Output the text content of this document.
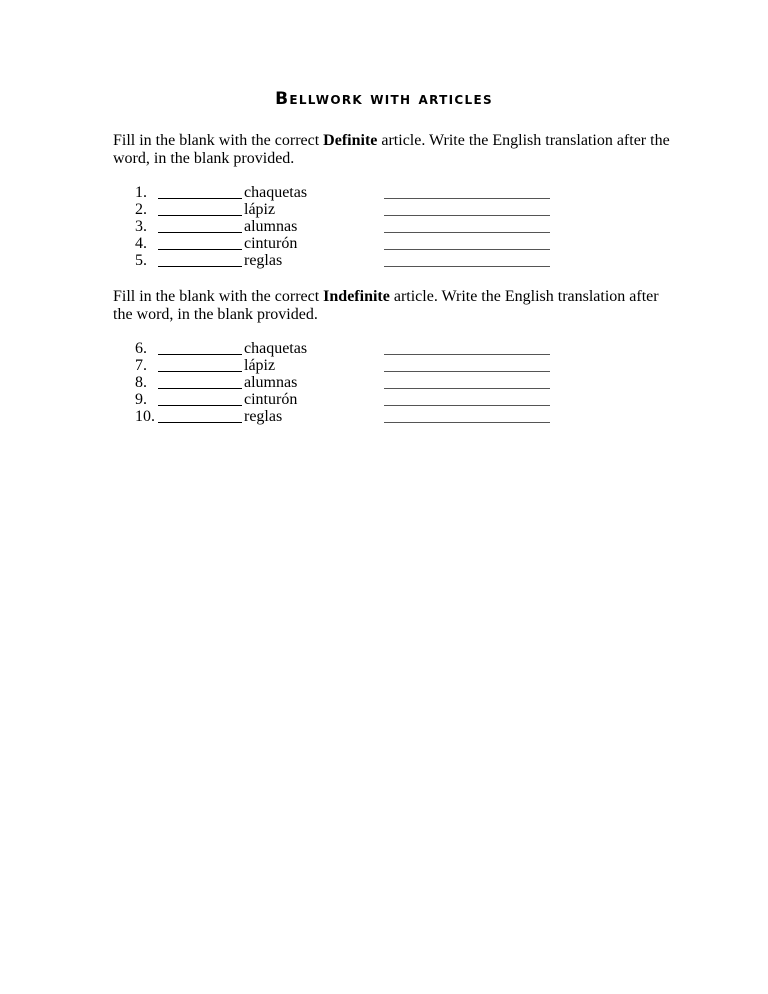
Bellwork with articles
Fill in the blank with the correct Definite article. Write the English translation after the word, in the blank provided.
1.	chaquetas
2.	lápiz
3.	alumnas
4.	cinturón
5.	reglas
Fill in the blank with the correct Indefinite article. Write the English translation after the word, in the blank provided.
6.	chaquetas
7.	lápiz
8.	alumnas
9.	cinturón
10.	reglas
